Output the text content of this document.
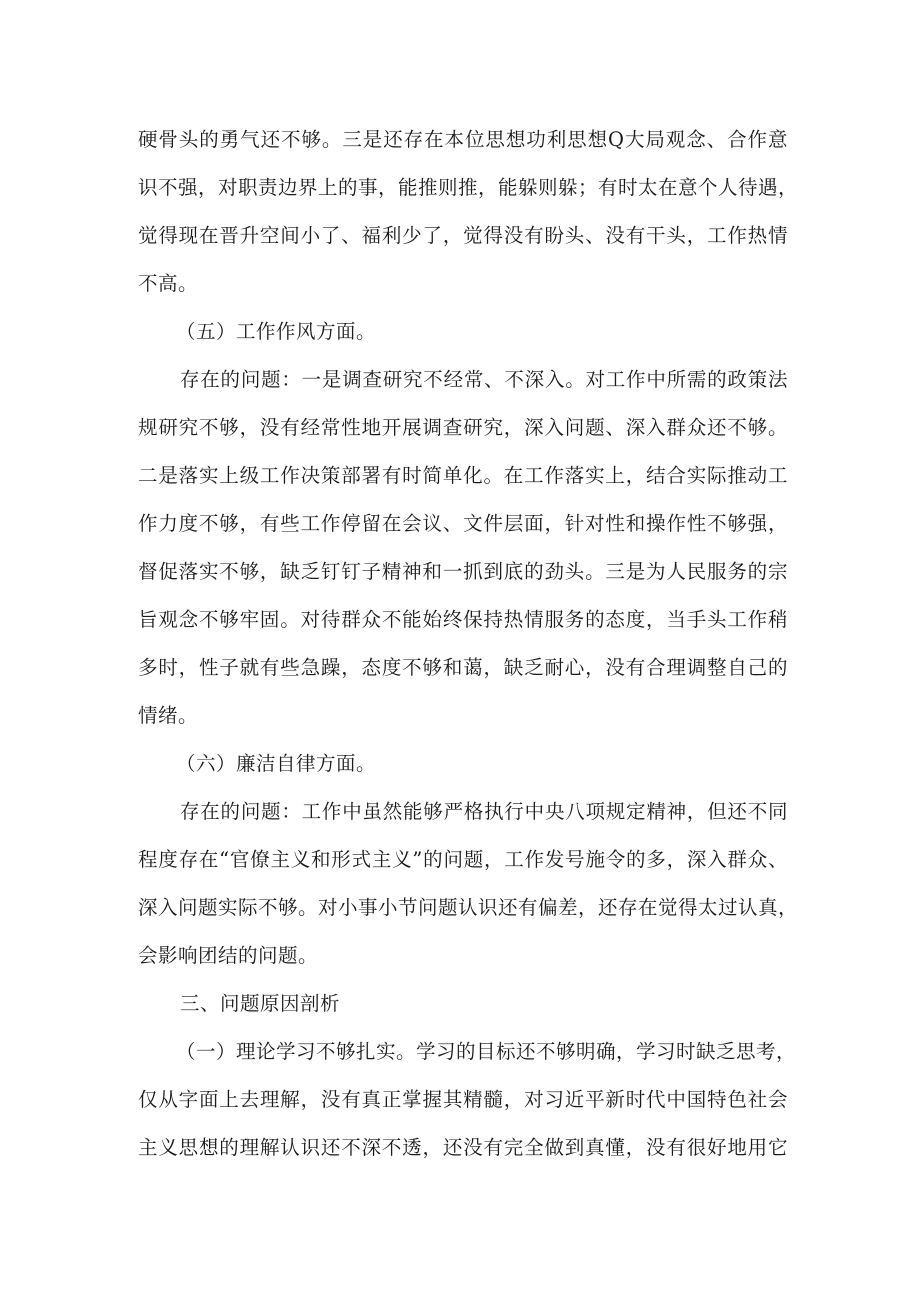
硬骨头的勇气还不够。三是还存在本位思想功利思想Q大局观念、合作意
识不强，对职责边界上的事，能推则推，能躲则躲；有时太在意个人待遇，
觉得现在晋升空间小了、福利少了，觉得没有盼头、没有干头，工作热情
不高。
（五）工作作风方面。
存在的问题：一是调查研究不经常、不深入。对工作中所需的政策法
规研究不够，没有经常性地开展调查研究，深入问题、深入群众还不够。
二是落实上级工作决策部署有时简单化。在工作落实上，结合实际推动工
作力度不够，有些工作停留在会议、文件层面，针对性和操作性不够强，
督促落实不够，缺乏钉钉子精神和一抓到底的劲头。三是为人民服务的宗
旨观念不够牢固。对待群众不能始终保持热情服务的态度，当手头工作稍
多时，性子就有些急躁，态度不够和蔼，缺乏耐心，没有合理调整自己的
情绪。
（六）廉洁自律方面。
存在的问题：工作中虽然能够严格执行中央八项规定精神，但还不同
程度存在“官僚主义和形式主义”的问题，工作发号施令的多，深入群众、
深入问题实际不够。对小事小节问题认识还有偏差，还存在觉得太过认真，
会影响团结的问题。
三、问题原因剖析
（一）理论学习不够扎实。学习的目标还不够明确，学习时缺乏思考，
仅从字面上去理解，没有真正掌握其精髓，对习近平新时代中国特色社会
主义思想的理解认识还不深不透，还没有完全做到真懂，没有很好地用它
